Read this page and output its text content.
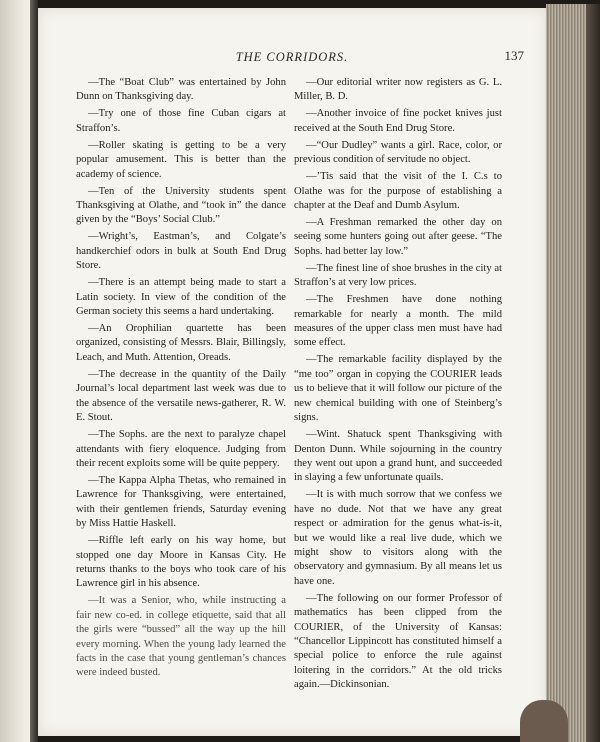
THE CORRIDORS.	137

—The “Boat Club” was entertained by John Dunn on Thanksgiving day.

—Try one of those fine Cuban cigars at Straffon’s.

—Roller skating is getting to be a very popular amusement. This is better than the academy of science.

—Ten of the University students spent Thanksgiving at Olathe, and “took in” the dance given by the “Boys’ Social Club.”

—Wright’s, Eastman’s, and Colgate’s handkerchief odors in bulk at South End Drug Store.

—There is an attempt being made to start a Latin society. In view of the condition of the German society this seems a hard undertaking.

—An Orophilian quartette has been organized, consisting of Messrs. Blair, Billingsly, Leach, and Muth. Attention, Oreads.

—The decrease in the quantity of the Daily Journal’s local department last week was due to the absence of the versatile news-gatherer, R. W. E. Stout.

—The Sophs. are the next to paralyze chapel attendants with fiery eloquence. Judging from their recent exploits some will be quite peppery.

—The Kappa Alpha Thetas, who remained in Lawrence for Thanksgiving, were entertained, with their gentlemen friends, Saturday evening by Miss Hattie Haskell.

—Riffle left early on his way home, but stopped one day Moore in Kansas City. He returns thanks to the boys who took care of his Lawrence girl in his absence.

—It was a Senior, who, while instructing a fair new co-ed. in college etiquette, said that all the girls were “bussed” all the way up the hill every morning. When the young lady learned the facts in the case that young gentleman’s chances were indeed busted.

—Our editorial writer now registers as G. L. Miller, B. D.

—Another invoice of fine pocket knives just received at the South End Drug Store.

—“Our Dudley” wants a girl. Race, color, or previous condition of servitude no object.

—’Tis said that the visit of the I. C.s to Olathe was for the purpose of establishing a chapter at the Deaf and Dumb Asylum.

—A Freshman remarked the other day on seeing some hunters going out after geese. “The Sophs. had better lay low.”

—The finest line of shoe brushes in the city at Straffon’s at very low prices.

—The Freshmen have done nothing remarkable for nearly a month. The mild measures of the upper class men must have had some effect.

—The remarkable facility displayed by the “me too” organ in copying the COURIER leads us to believe that it will follow our picture of the new chemical building with one of Steinberg’s signs.

—Wint. Shatuck spent Thanksgiving with Denton Dunn. While sojourning in the country they went out upon a grand hunt, and succeeded in slaying a few unfortunate quails.

—It is with much sorrow that we confess we have no dude. Not that we have any great respect or admiration for the genus what-is-it, but we would like a real live dude, which we might show to visitors along with the observatory and gymnasium. By all means let us have one.

—The following on our former Professor of mathematics has been clipped from the COURIER, of the University of Kansas: “Chancellor Lippincott has constituted himself a special police to enforce the rule against loitering in the corridors.” At the old tricks again.—Dickinsonian.
